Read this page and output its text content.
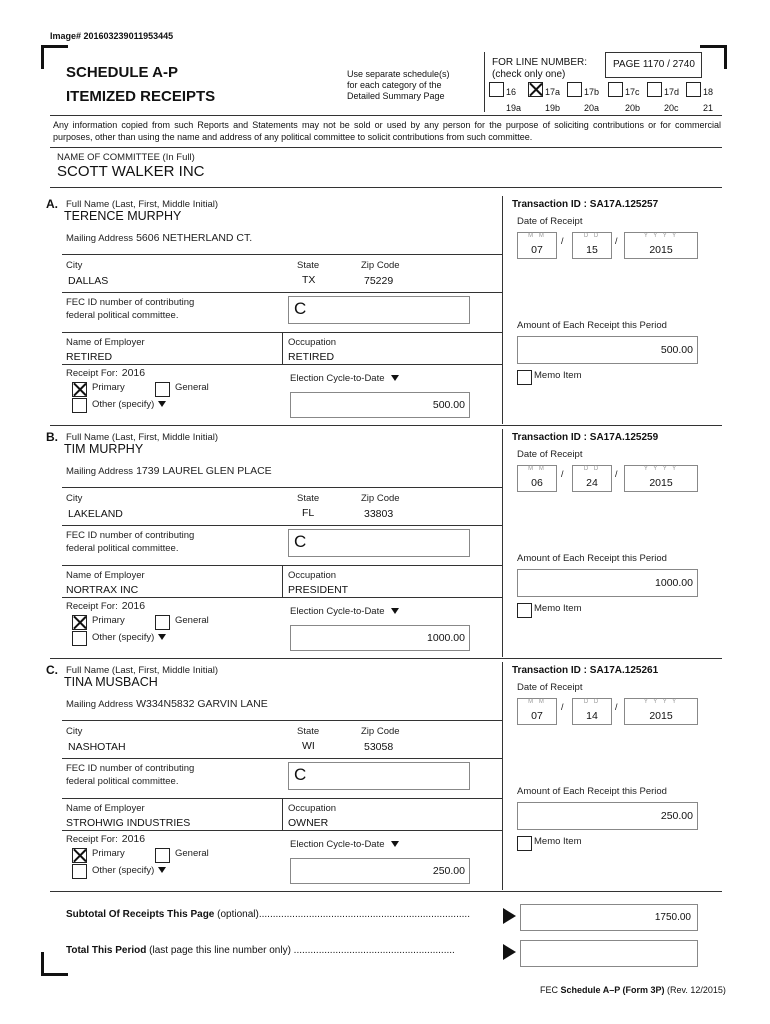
Image# 201603239011953445
SCHEDULE A-P
ITEMIZED RECEIPTS
Use separate schedule(s)
for each category of the
Detailed Summary Page
FOR LINE NUMBER:
(check only one)
PAGE 1170 / 2740
16
19a
17a
19b
17b
20a
17c
20b
17d
20c
18
21
Any information copied from such Reports and Statements may not be sold or used by any person for the purpose of soliciting contributions or for commercial purposes, other than using the name and address of any political committee to solicit contributions from such committee.
NAME OF COMMITTEE (In Full)
SCOTT WALKER INC
A. Full Name (Last, First, Middle Initial)
TERENCE MURPHY
Mailing Address 5606 NETHERLAND CT.
City
DALLAS
State
TX
Zip Code
75229
FEC ID number of contributing
federal political committee.	C
Name of Employer
RETIRED
Occupation
RETIRED
Receipt For: 2016
Primary	General
Other (specify)
Election Cycle-to-Date
500.00
Transaction ID : SA17A.125257
Date of Receipt
M M
07
/	D D
15
/	Y Y Y Y
2015
Amount of Each Receipt this Period
500.00
Memo Item
B. Full Name (Last, First, Middle Initial)
TIM MURPHY
Mailing Address 1739 LAUREL GLEN PLACE
City
LAKELAND
State
FL
Zip Code
33803
FEC ID number of contributing
federal political committee.	C
Name of Employer
NORTRAX INC
Occupation
PRESIDENT
Receipt For: 2016
Primary	General
Other (specify)
Election Cycle-to-Date
1000.00
Transaction ID : SA17A.125259
Date of Receipt
M M
06
/	D D
24
/	Y Y Y Y
2015
Amount of Each Receipt this Period
1000.00
Memo Item
C. Full Name (Last, First, Middle Initial)
TINA MUSBACH
Mailing Address W334N5832 GARVIN LANE
City
NASHOTAH
State
WI
Zip Code
53058
FEC ID number of contributing
federal political committee.	C
Name of Employer
STROHWIG INDUSTRIES
Occupation
OWNER
Receipt For: 2016
Primary	General
Other (specify)
Election Cycle-to-Date
250.00
Transaction ID : SA17A.125261
Date of Receipt
M M
07
/	D D
14
/	Y Y Y Y
2015
Amount of Each Receipt this Period
250.00
Memo Item
Subtotal Of Receipts This Page (optional)............................................................................	1750.00
Total This Period (last page this line number only) ..........................................................
FEC Schedule A–P (Form 3P) (Rev. 12/2015)
